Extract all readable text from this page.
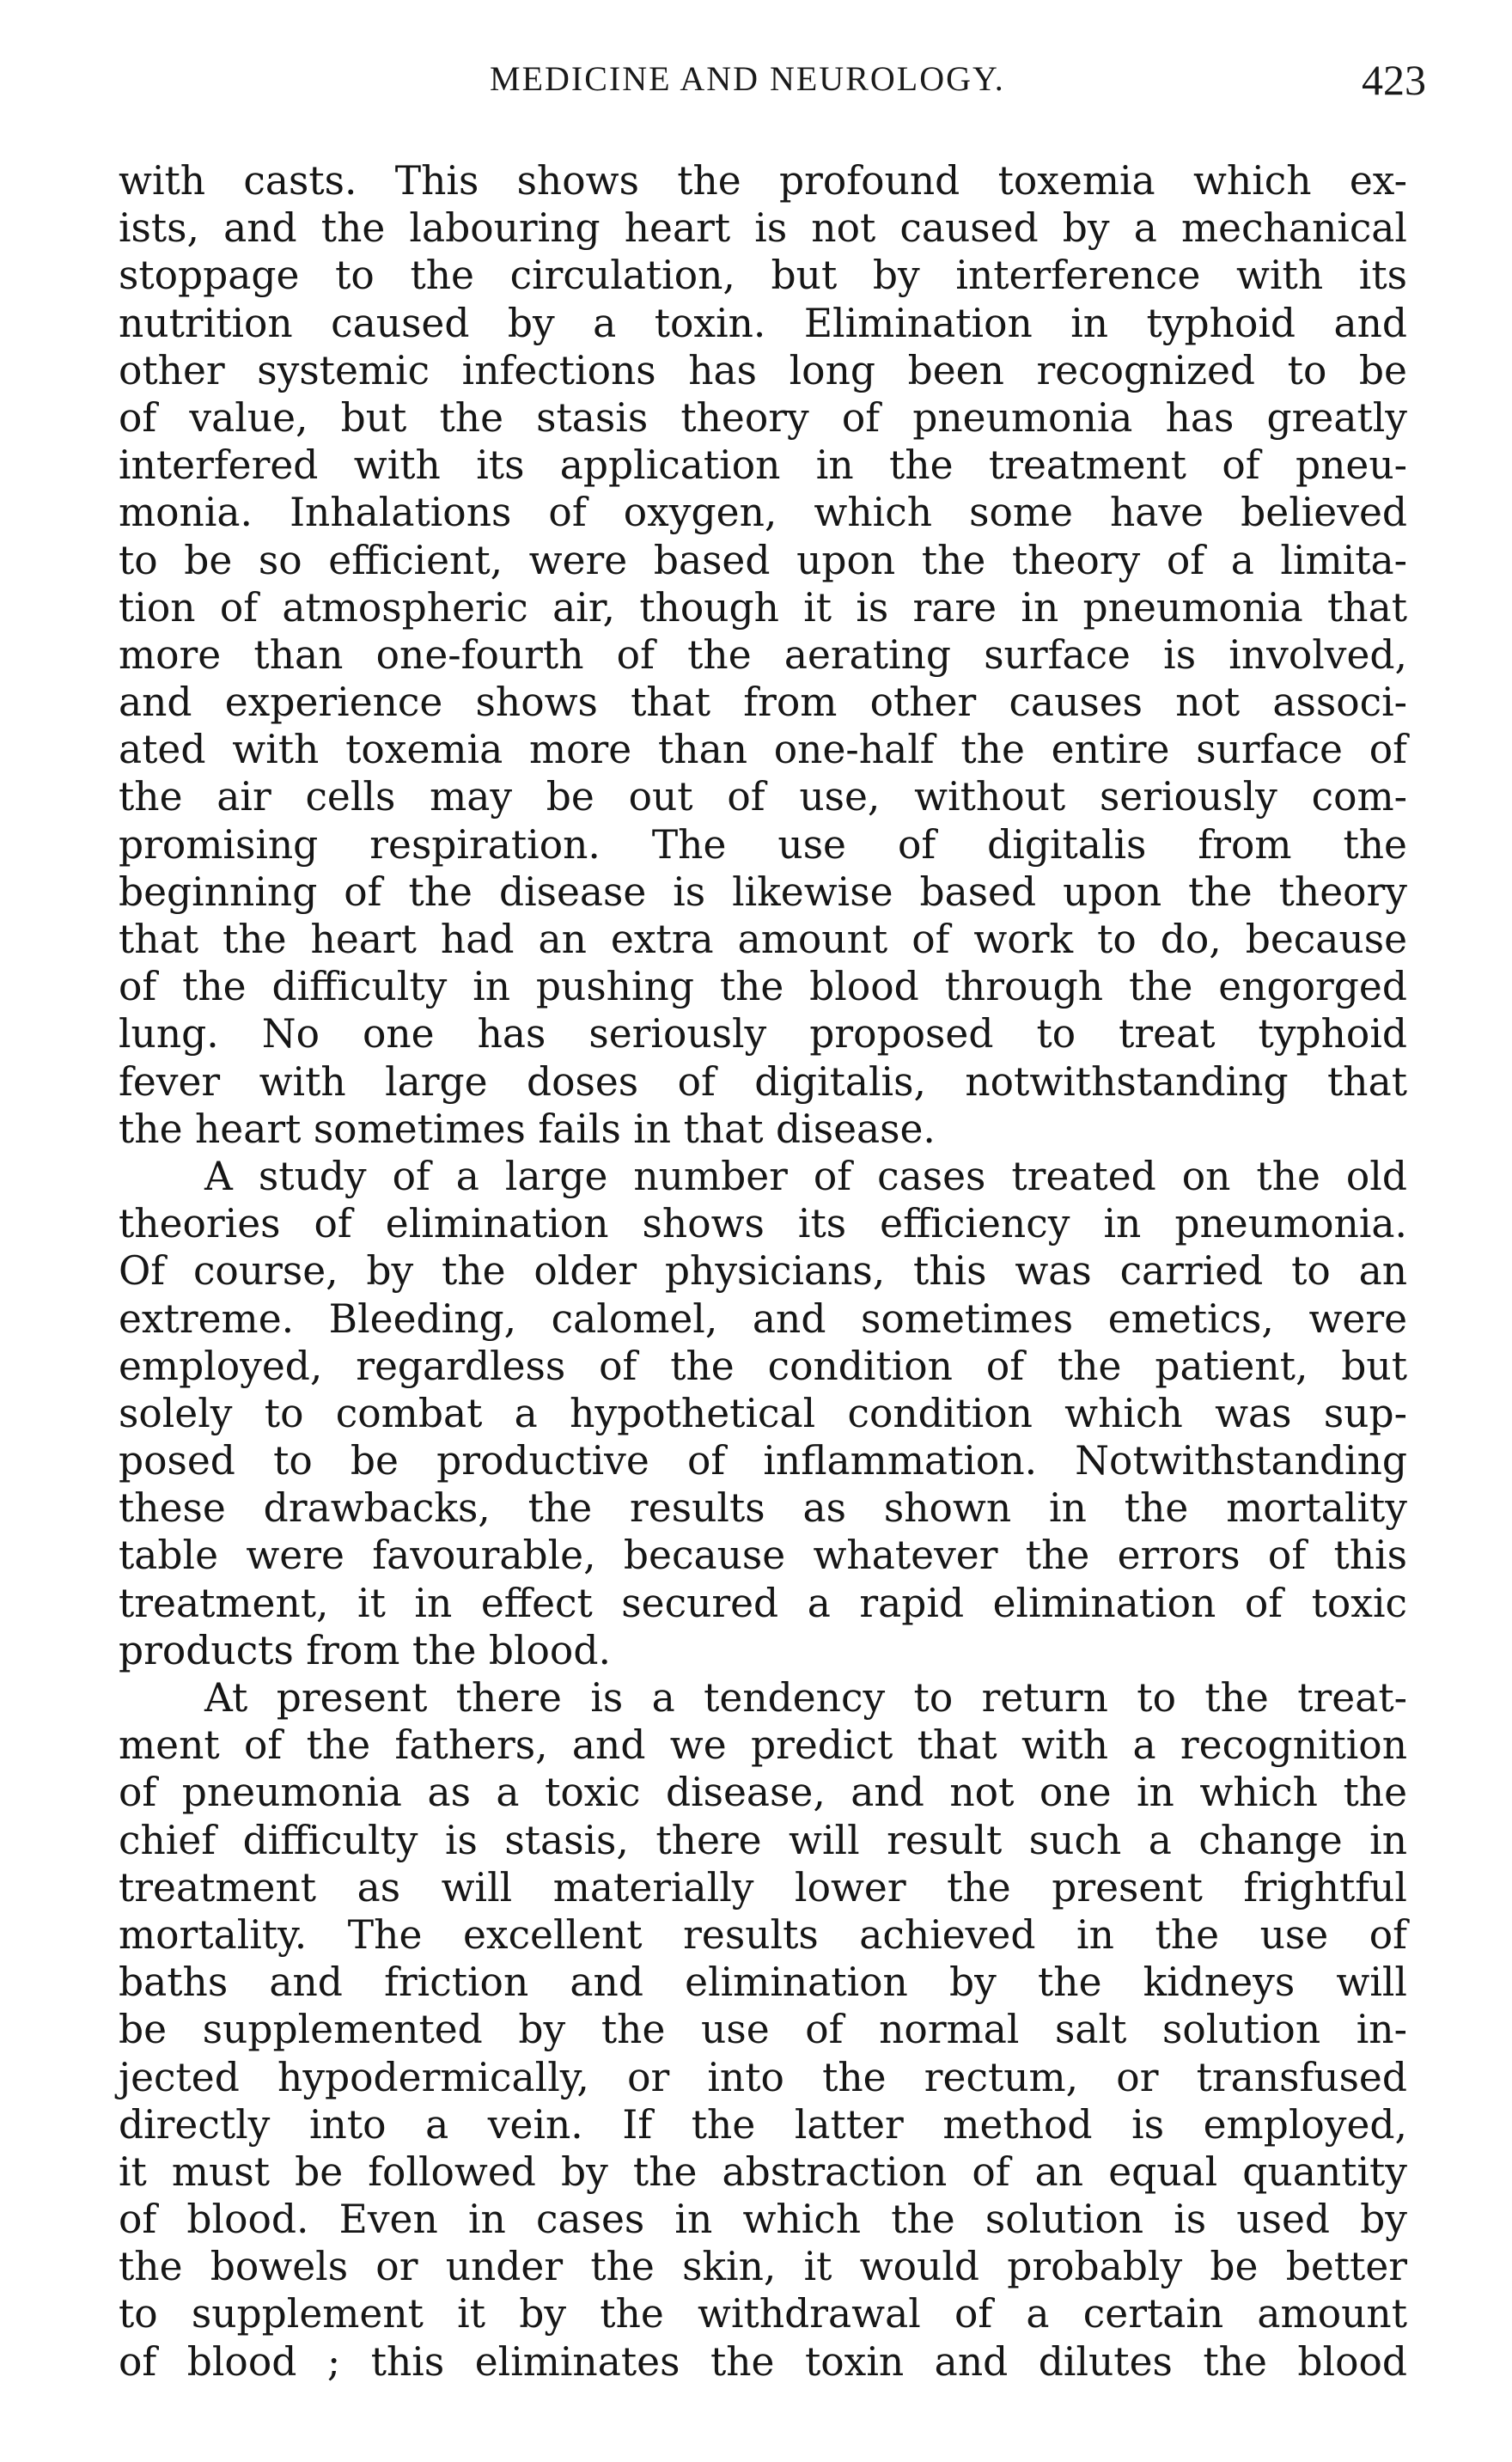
MEDICINE AND NEUROLOGY.	423
with casts. This shows the profound toxemia which ex-
ists, and the labouring heart is not caused by a mechanical
stoppage to the circulation, but by interference with its
nutrition caused by a toxin. Elimination in typhoid and
other systemic infections has long been recognized to be
of value, but the stasis theory of pneumonia has greatly
interfered with its application in the treatment of pneu-
monia. Inhalations of oxygen, which some have believed
to be so efficient, were based upon the theory of a limita-
tion of atmospheric air, though it is rare in pneumonia that
more than one-fourth of the aerating surface is involved,
and experience shows that from other causes not associ-
ated with toxemia more than one-half the entire surface of
the air cells may be out of use, without seriously com-
promising respiration. The use of digitalis from the
beginning of the disease is likewise based upon the theory
that the heart had an extra amount of work to do, because
of the difficulty in pushing the blood through the engorged
lung. No one has seriously proposed to treat typhoid
fever with large doses of digitalis, notwithstanding that
the heart sometimes fails in that disease.
A study of a large number of cases treated on the old
theories of elimination shows its efficiency in pneumonia.
Of course, by the older physicians, this was carried to an
extreme. Bleeding, calomel, and sometimes emetics, were
employed, regardless of the condition of the patient, but
solely to combat a hypothetical condition which was sup-
posed to be productive of inflammation. Notwithstanding
these drawbacks, the results as shown in the mortality
table were favourable, because whatever the errors of this
treatment, it in effect secured a rapid elimination of toxic
products from the blood.
At present there is a tendency to return to the treat-
ment of the fathers, and we predict that with a recognition
of pneumonia as a toxic disease, and not one in which the
chief difficulty is stasis, there will result such a change in
treatment as will materially lower the present frightful
mortality. The excellent results achieved in the use of
baths and friction and elimination by the kidneys will
be supplemented by the use of normal salt solution in-
jected hypodermically, or into the rectum, or transfused
directly into a vein. If the latter method is employed,
it must be followed by the abstraction of an equal quantity
of blood. Even in cases in which the solution is used by
the bowels or under the skin, it would probably be better
to supplement it by the withdrawal of a certain amount
of blood ; this eliminates the toxin and dilutes the blood
